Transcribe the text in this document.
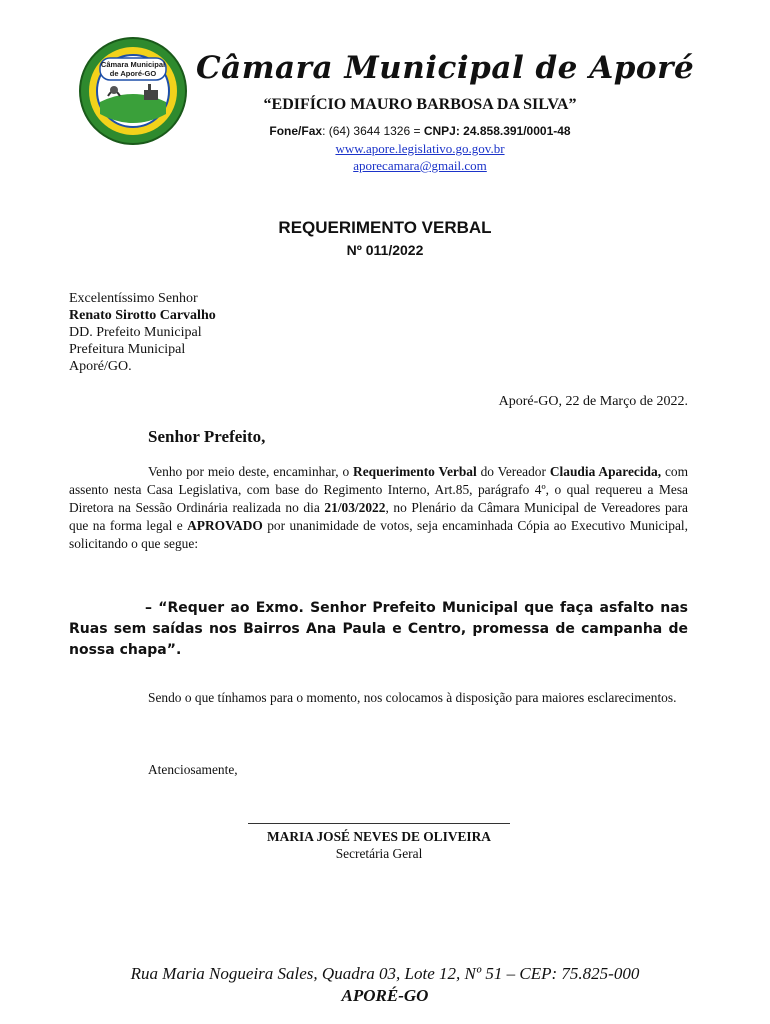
Câmara Municipal
de Aporé-GO Câmara Municipal de Aporé
“EDIFÍCIO MAURO BARBOSA DA SILVA”
Fone/Fax: (64) 3644 1326 = CNPJ: 24.858.391/0001-48
www.apore.legislativo.go.gov.br
aporecamara@gmail.com
REQUERIMENTO VERBAL
Nº 011/2022
Excelentíssimo Senhor
Renato Sirotto Carvalho
DD. Prefeito Municipal
Prefeitura Municipal
Aporé/GO.
Aporé-GO, 22 de Março de 2022.
Senhor Prefeito,
Venho por meio deste, encaminhar, o Requerimento Verbal do Vereador Claudia Aparecida, com assento nesta Casa Legislativa, com base do Regimento Interno, Art.85, parágrafo 4º, o qual requereu a Mesa Diretora na Sessão Ordinária realizada no dia 21/03/2022, no Plenário da Câmara Municipal de Vereadores para que na forma legal e APROVADO por unanimidade de votos, seja encaminhada Cópia ao Executivo Municipal, solicitando o que segue:
– “Requer ao Exmo. Senhor Prefeito Municipal que faça asfalto nas Ruas sem saídas nos Bairros Ana Paula e Centro, promessa de campanha de nossa chapa”.
Sendo o que tínhamos para o momento, nos colocamos à disposição para maiores esclarecimentos.
Atenciosamente,
MARIA JOSÉ NEVES DE OLIVEIRA
Secretária Geral
Rua Maria Nogueira Sales, Quadra 03, Lote 12, Nº 51 – CEP: 75.825-000
APORÉ-GO
